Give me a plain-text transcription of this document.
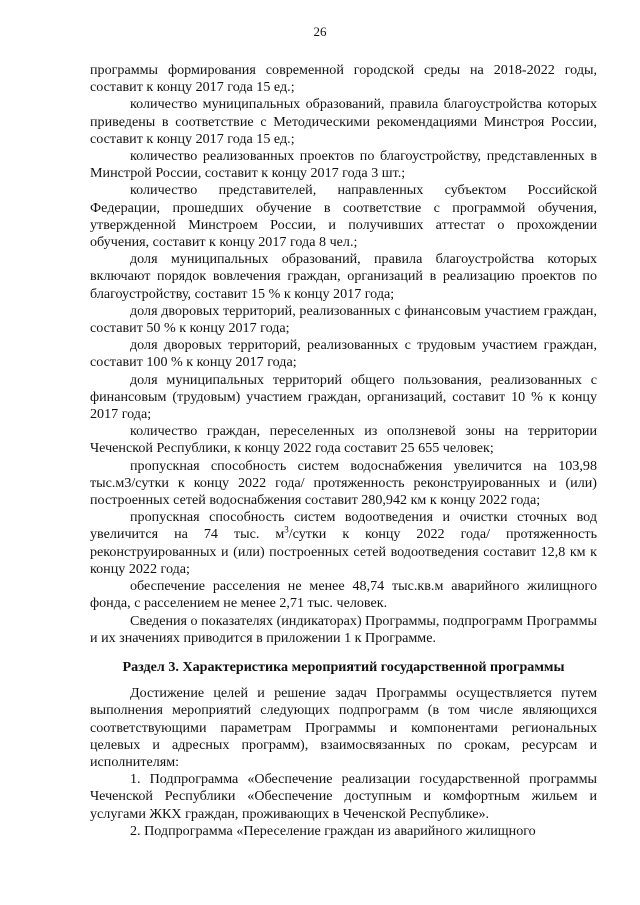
26

программы формирования современной городской среды на 2018-2022 годы, составит к концу 2017 года 15 ед.;

количество муниципальных образований, правила благоустройства которых приведены в соответствие с Методическими рекомендациями Минстроя России, составит к концу 2017 года 15 ед.;

количество реализованных проектов по благоустройству, представленных в Минстрой России, составит к концу 2017 года 3 шт.;

количество представителей, направленных субъектом Российской Федерации, прошедших обучение в соответствие с программой обучения, утвержденной Минстроем России, и получивших аттестат о прохождении обучения, составит к концу 2017 года 8 чел.;

доля муниципальных образований, правила благоустройства которых включают порядок вовлечения граждан, организаций в реализацию проектов по благоустройству, составит 15 % к концу 2017 года;

доля дворовых территорий, реализованных с финансовым участием граждан, составит 50 % к концу 2017 года;

доля дворовых территорий, реализованных с трудовым участием граждан, составит 100 % к концу 2017 года;

доля муниципальных территорий общего пользования, реализованных с финансовым (трудовым) участием граждан, организаций, составит 10 % к концу 2017 года;

количество граждан, переселенных из оползневой зоны на территории Чеченской Республики, к концу 2022 года составит 25 655 человек;

пропускная способность систем водоснабжения увеличится на 103,98 тыс.м3/сутки к концу 2022 года/ протяженность реконструированных и (или) построенных сетей водоснабжения составит 280,942 км к концу 2022 года;

пропускная способность систем водоотведения и очистки сточных вод увеличится на 74 тыс. $м^3$/сутки к концу 2022 года/ протяженность реконструированных и (или) построенных сетей водоотведения составит 12,8 км к концу 2022 года;

обеспечение расселения не менее 48,74 тыс.кв.м аварийного жилищного фонда, с расселением не менее 2,71 тыс. человек.

Сведения о показателях (индикаторах) Программы, подпрограмм Программы и их значениях приводится в приложении 1 к Программе.

Раздел 3. Характеристика мероприятий государственной программы

Достижение целей и решение задач Программы осуществляется путем выполнения мероприятий следующих подпрограмм (в том числе являющихся соответствующими параметрам Программы и компонентами региональных целевых и адресных программ), взаимосвязанных по срокам, ресурсам и исполнителям:

1. Подпрограмма «Обеспечение реализации государственной программы Чеченской Республики «Обеспечение доступным и комфортным жильем и услугами ЖКХ граждан, проживающих в Чеченской Республике».

2. Подпрограмма «Переселение граждан из аварийного жилищного
